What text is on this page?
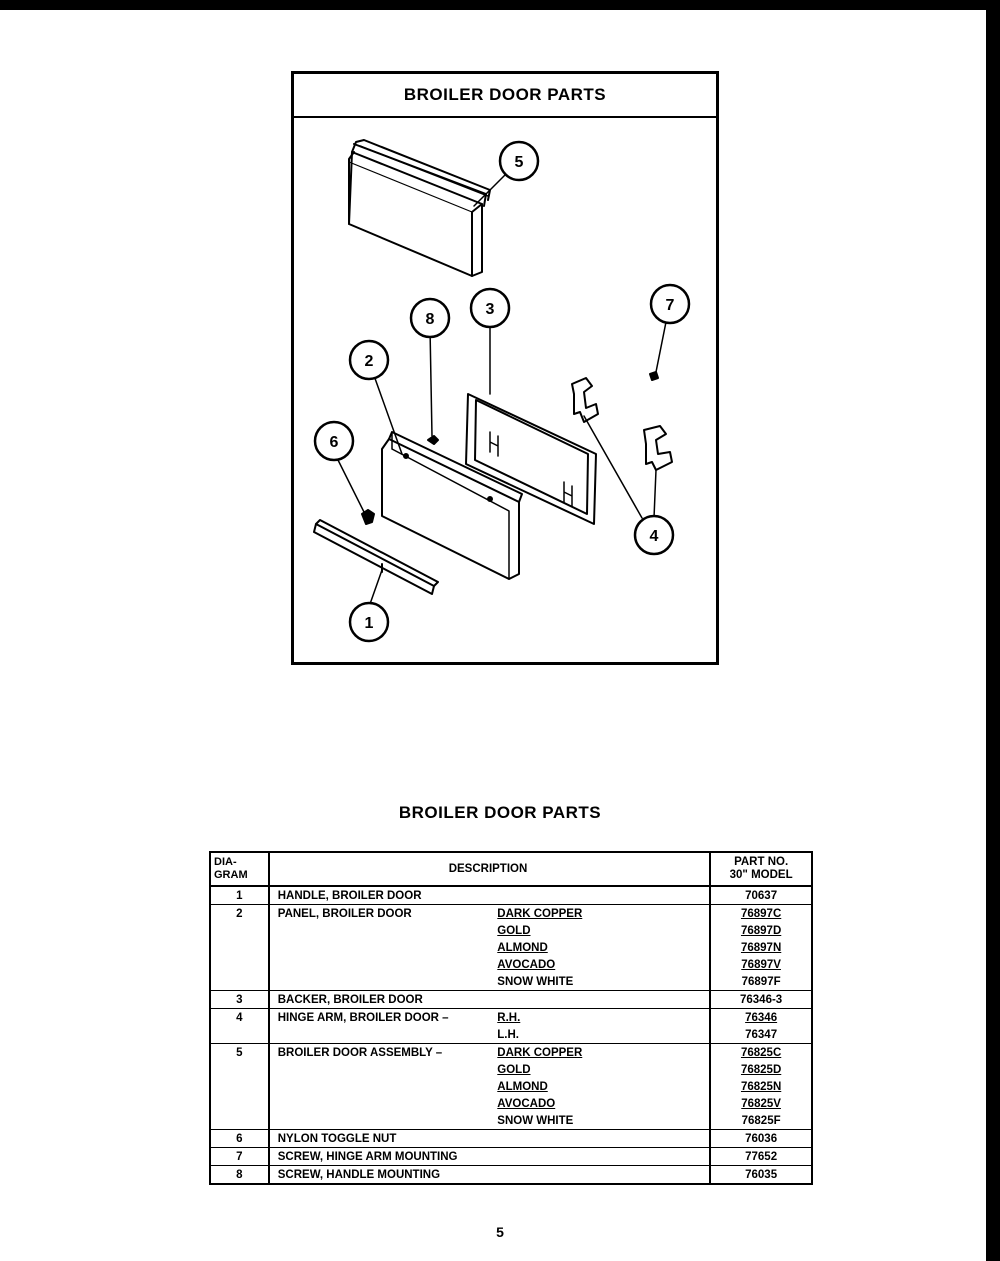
BROILER DOOR PARTS
5
8
3	7
2
6
4
1
BROILER DOOR PARTS
DIA-
GRAM	DESCRIPTION		PART NO.
30" MODEL
1	HANDLE, BROILER DOOR		70637
2	PANEL, BROILER DOOR	DARK COPPER	76897C
		GOLD	76897D
		ALMOND	76897N
		AVOCADO	76897V
		SNOW WHITE	76897F
3	BACKER, BROILER DOOR		76346-3
4	HINGE ARM, BROILER DOOR –	R.H.	76346
		L.H.	76347
5	BROILER DOOR ASSEMBLY –	DARK COPPER	76825C
		GOLD	76825D
		ALMOND	76825N
		AVOCADO	76825V
		SNOW WHITE	76825F
6	NYLON TOGGLE NUT		76036
7	SCREW, HINGE ARM MOUNTING		77652
8	SCREW, HANDLE MOUNTING		76035
5
